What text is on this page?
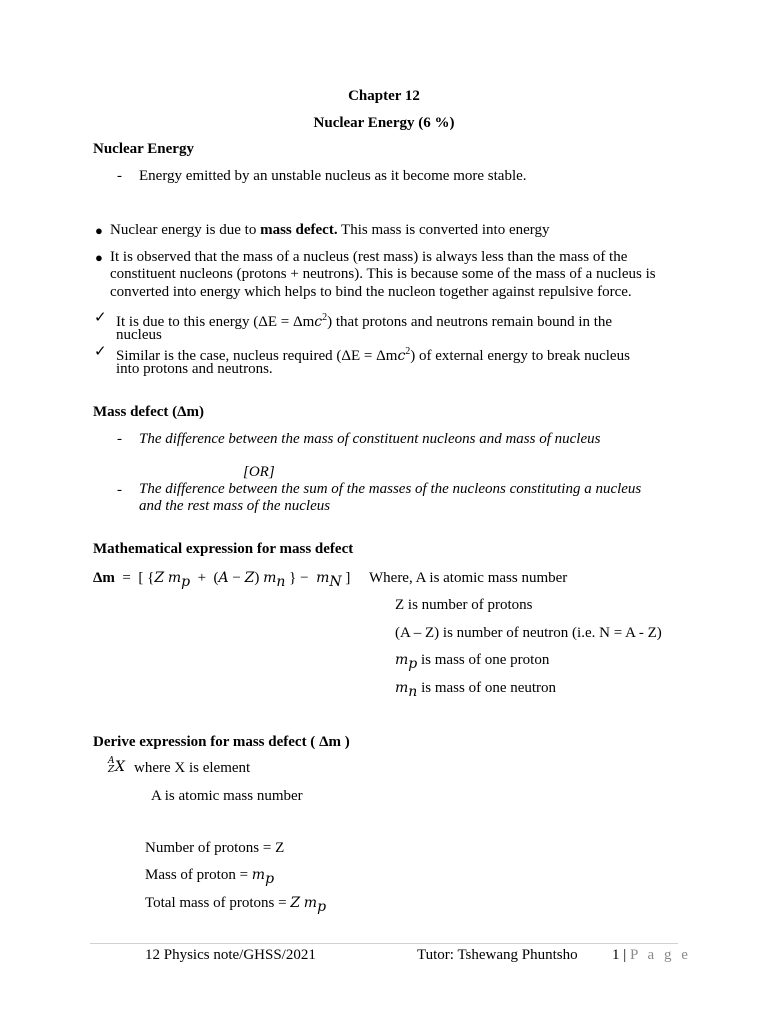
Chapter 12
Nuclear Energy (6 %)
Nuclear Energy
- Energy emitted by an unstable nucleus as it become more stable.
● Nuclear energy is due to mass defect. This mass is converted into energy
● It is observed that the mass of a nucleus (rest mass) is always less than the mass of the
constituent nucleons (protons + neutrons). This is because some of the mass of a nucleus is
converted into energy which helps to bind the nucleon together against repulsive force.
✓ It is due to this energy (ΔE = Δmc$^2$) that protons and neutrons remain bound in the
nucleus
✓ Similar is the case, nucleus required (ΔE = Δmc$^2$) of external energy to break nucleus
into protons and neutrons.
Mass defect (Δm)
- The difference between the mass of constituent nucleons and mass of nucleus
[OR]
- The difference between the sum of the masses of the nucleons constituting a nucleus
and the rest mass of the nucleus
Mathematical expression for mass defect
Δm =  [ {Z $m_p + (A - Z)$ $m_n$ } −  $m_N$ ] Where, A is atomic mass number
Z is number of protons
(A – Z) is number of neutron (i.e. N = A - Z)
$m_p$ is mass of one proton
$m_n$ is mass of one neutron
Derive expression for mass defect ( Δm )
A
Z X where X is element
A is atomic mass number
Number of protons = Z
Mass of proton = $m_p$
Total mass of protons = Z $m_p$
12 Physics note/GHSS/2021	Tutor: Tshewang Phuntsho 1 | P a g e
